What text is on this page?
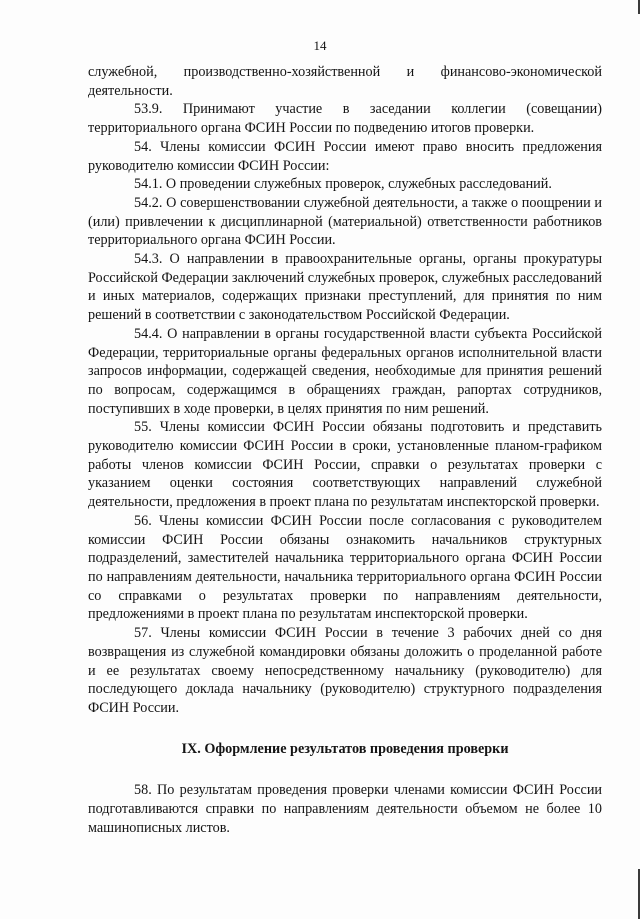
14

служебной, производственно-хозяйственной и финансово-экономической деятельности.

53.9. Принимают участие в заседании коллегии (совещании) территориального органа ФСИН России по подведению итогов проверки.

54. Члены комиссии ФСИН России имеют право вносить предложения руководителю комиссии ФСИН России:

54.1. О проведении служебных проверок, служебных расследований.

54.2. О совершенствовании служебной деятельности, а также о поощрении и (или) привлечении к дисциплинарной (материальной) ответственности работников территориального органа ФСИН России.

54.3. О направлении в правоохранительные органы, органы прокуратуры Российской Федерации заключений служебных проверок, служебных расследований и иных материалов, содержащих признаки преступлений, для принятия по ним решений в соответствии с законодательством Российской Федерации.

54.4. О направлении в органы государственной власти субъекта Российской Федерации, территориальные органы федеральных органов исполнительной власти запросов информации, содержащей сведения, необходимые для принятия решений по вопросам, содержащимся в обращениях граждан, рапортах сотрудников, поступивших в ходе проверки, в целях принятия по ним решений.

55. Члены комиссии ФСИН России обязаны подготовить и представить руководителю комиссии ФСИН России в сроки, установленные планом-графиком работы членов комиссии ФСИН России, справки о результатах проверки с указанием оценки состояния соответствующих направлений служебной деятельности, предложения в проект плана по результатам инспекторской проверки.

56. Члены комиссии ФСИН России после согласования с руководителем комиссии ФСИН России обязаны ознакомить начальников структурных подразделений, заместителей начальника территориального органа ФСИН России по направлениям деятельности, начальника территориального органа ФСИН России со справками о результатах проверки по направлениям деятельности, предложениями в проект плана по результатам инспекторской проверки.

57. Члены комиссии ФСИН России в течение 3 рабочих дней со дня возвращения из служебной командировки обязаны доложить о проделанной работе и ее результатах своему непосредственному начальнику (руководителю) для последующего доклада начальнику (руководителю) структурного подразделения ФСИН России.

IX. Оформление результатов проведения проверки

58. По результатам проведения проверки членами комиссии ФСИН России подготавливаются справки по направлениям деятельности объемом не более 10 машинописных листов.
